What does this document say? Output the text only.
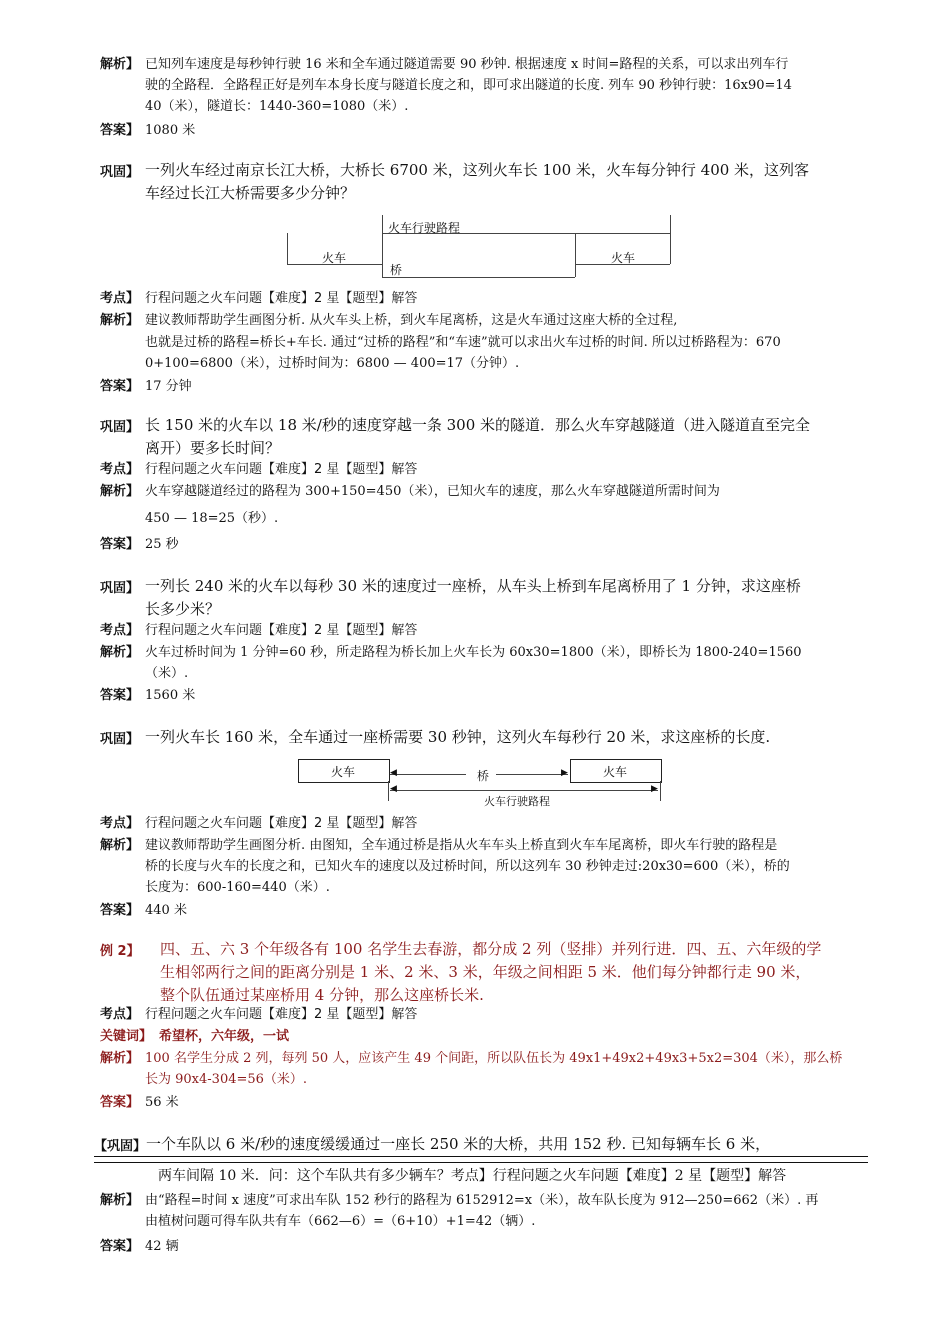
解析】 已知列车速度是每秒钟行驶 16 米和全车通过隧道需要 90 秒钟. 根据速度 x 时间=路程的关系，可以求出列车行
驶的全路程．全路程正好是列车本身长度与隧道长度之和，即可求出隧道的长度. 列车 90 秒钟行驶：16x90=14
40（米），隧道长：1440-360=1080（米）.
答案】 1080 米
巩固】 一列火车经过南京长江大桥，大桥长 6700 米，这列火车长 100 米，火车每分钟行 400 米，这列客
车经过长江大桥需要多少分钟？
火车行驶路程
火车
桥
火车
考点】 行程问题之火车问题【难度】2 星【题型】解答
解析】 建议教师帮助学生画图分析. 从火车头上桥，到火车尾离桥，这是火车通过这座大桥的全过程,
也就是过桥的路程=桥长+车长. 通过“过桥的路程”和“车速”就可以求出火车过桥的时间. 所以过桥路程为：670
0+100=6800（米），过桥时间为：6800 — 400=17（分钟）.
答案】 17 分钟
巩固】 长 150 米的火车以 18 米/秒的速度穿越一条 300 米的隧道．那么火车穿越隧道（进入隧道直至完全
离开）要多长时间？
考点】 行程问题之火车问题【难度】2 星【题型】解答
解析】 火车穿越隧道经过的路程为 300+150=450（米），已知火车的速度，那么火车穿越隧道所需时间为
450 — 18=25（秒）.
答案】 25 秒
巩固】 一列长 240 米的火车以每秒 30 米的速度过一座桥，从车头上桥到车尾离桥用了 1 分钟，求这座桥
长多少米？
考点】 行程问题之火车问题【难度】2 星【题型】解答
解析】 火车过桥时间为 1 分钟=60 秒，所走路程为桥长加上火车长为 60x30=1800（米），即桥长为 1800-240=1560
（米）.
答案】 1560 米
巩固】 一列火车长 160 米，全车通过一座桥需要 30 秒钟，这列火车每秒行 20 米，求这座桥的长度.
火车	火车
◀	桥	▶
◀	▶
火车行驶路程
考点】 行程问题之火车问题【难度】2 星【题型】解答
解析】 建议教师帮助学生画图分析. 由图知，全车通过桥是指从火车车头上桥直到火车车尾离桥，即火车行驶的路程是
桥的长度与火车的长度之和，已知火车的速度以及过桥时间，所以这列车 30 秒钟走过:20x30=600（米），桥的
长度为：600-160=440（米）.
答案】 440 米
例 2】 四、五、六 3 个年级各有 100 名学生去春游，都分成 2 列（竖排）并列行进．四、五、六年级的学
生相邻两行之间的距离分别是 1 米、2 米、3 米，年级之间相距 5 米．他们每分钟都行走 90 米，
整个队伍通过某座桥用 4 分钟，那么这座桥长米.
考点】 行程问题之火车问题【难度】2 星【题型】解答
关键词】 希望杯，六年级，一试
解析】 100 名学生分成 2 列，每列 50 人，应该产生 49 个间距，所以队伍长为 49x1+49x2+49x3+5x2=304（米），那么桥
长为 90x4-304=56（米）.
答案】 56 米
【巩固】 一个车队以 6 米/秒的速度缓缓通过一座长 250 米的大桥，共用 152 秒. 已知每辆车长 6 米，
两车间隔 10 米．问：这个车队共有多少辆车？考点】行程问题之火车问题【难度】2 星【题型】解答
解析】 由“路程=时间 x 速度”可求出车队 152 秒行的路程为 6152912=x（米），故车队长度为 912—250=662（米）. 再
由植树问题可得车队共有车（662—6）=（6+10）+1=42（辆）.
答案】 42 辆
